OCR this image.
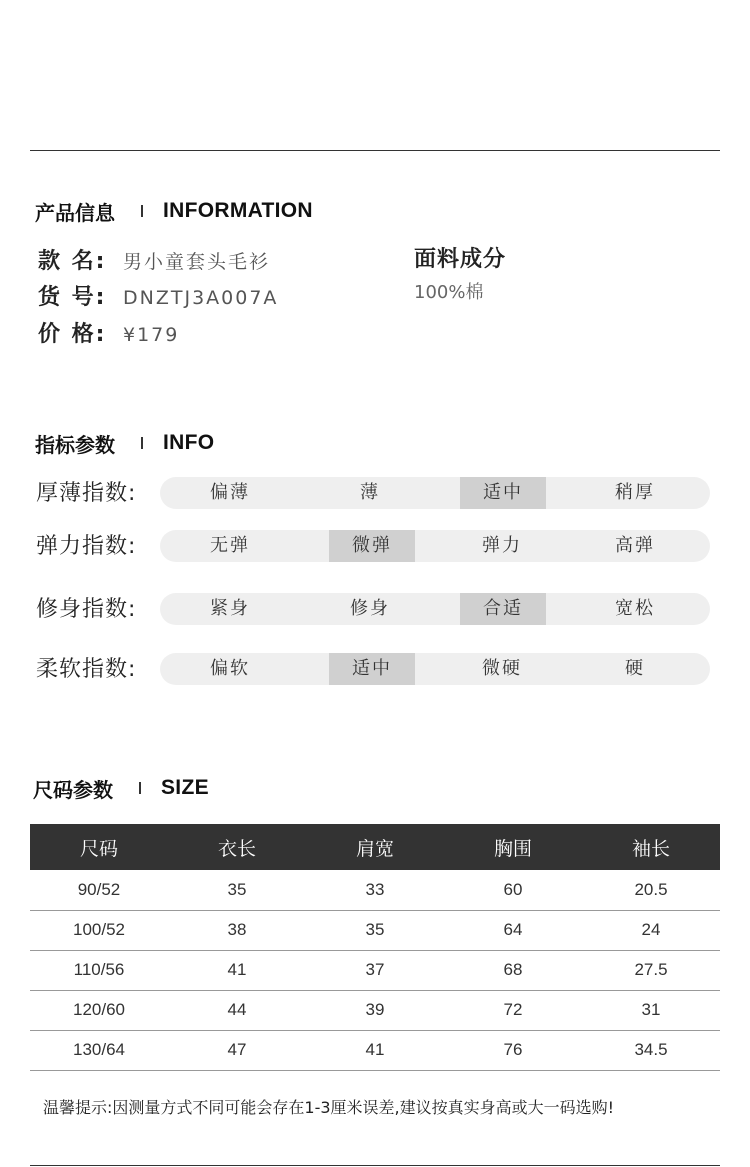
产品信息 INFORMATION
款 名: 男小童套头毛衫
货 号: DNZTJ3A007A
价 格: ¥179
面料成分
100%棉
指标参数 INFO
厚薄指数:	偏薄	薄	适中	稍厚
弹力指数:	无弹	微弹	弹力	高弹
修身指数:	紧身	修身	合适	宽松
柔软指数:	偏软	适中	微硬	硬
尺码参数 SIZE
尺码	衣长	肩宽	胸围	袖长
90/52	35	33	60	20.5
100/52	38	35	64	24
110/56	41	37	68	27.5
120/60	44	39	72	31
130/64	47	41	76	34.5
温馨提示:因测量方式不同可能会存在1-3厘米误差,建议按真实身高或大一码选购!
